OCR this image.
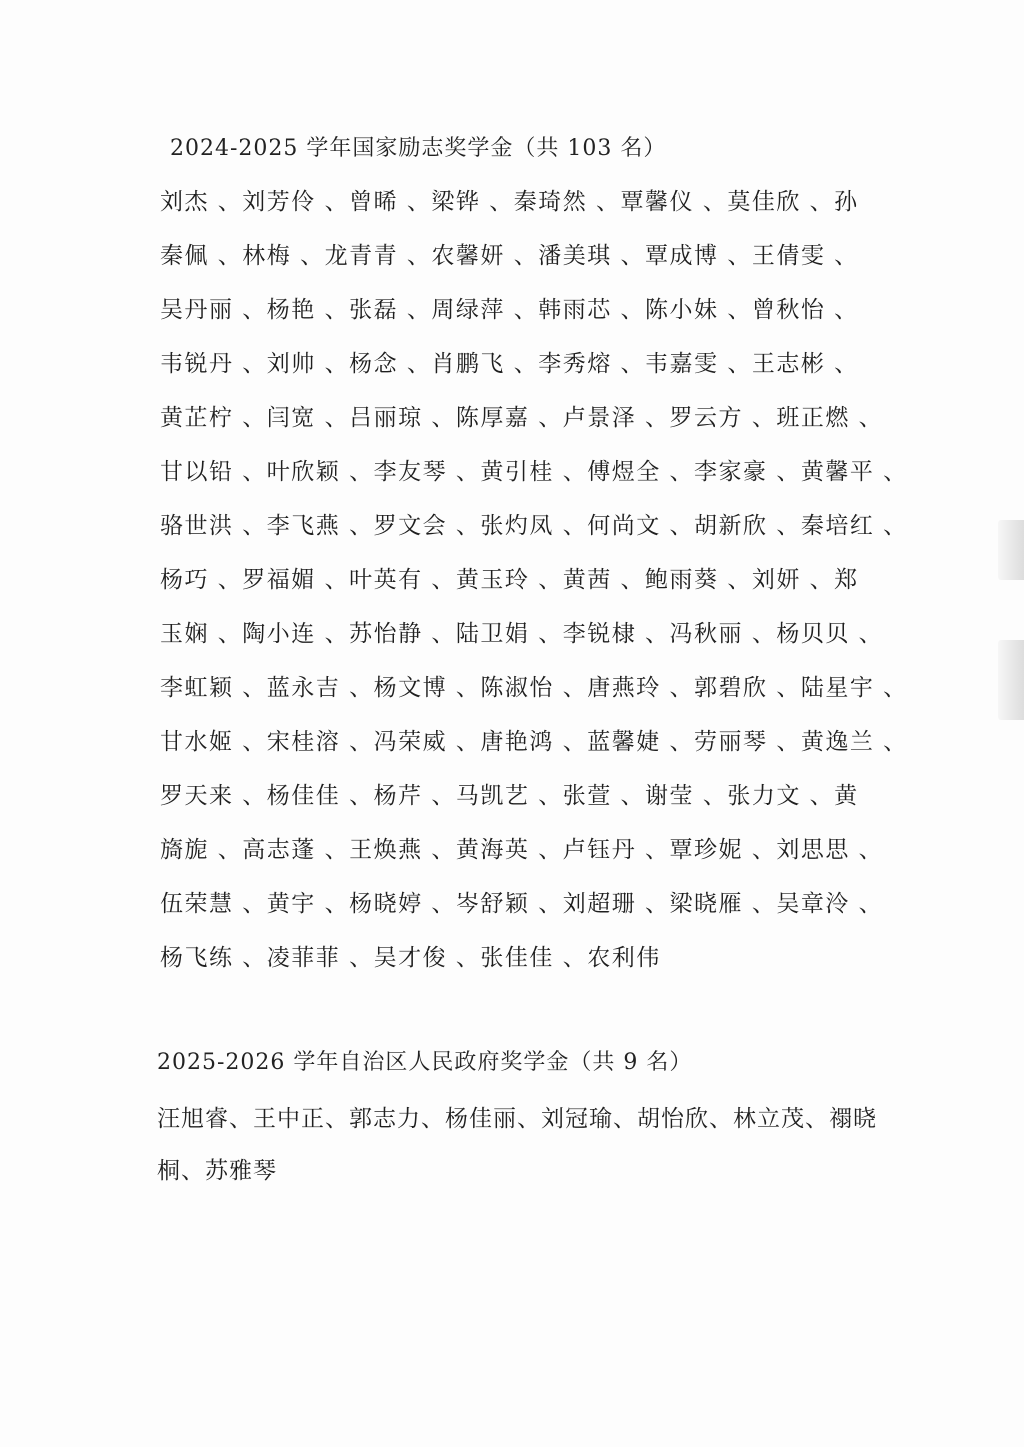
2024-2025 学年国家励志奖学金（共 103 名）
刘杰 、刘芳伶 、曾晞 、梁铧 、秦琦然 、覃馨仪 、莫佳欣 、孙
秦佩 、林梅 、龙青青 、农馨妍 、潘美琪 、覃成博 、王倩雯 、
吴丹丽 、杨艳 、张磊 、周绿萍 、韩雨芯 、陈小妹 、曾秋怡 、
韦锐丹 、刘帅 、杨念 、肖鹏飞 、李秀熔 、韦嘉雯 、王志彬 、
黄芷柠 、闫宽 、吕丽琼 、陈厚嘉 、卢景泽 、罗云方 、班正燃 、
甘以铅 、叶欣颖 、李友琴 、黄引桂 、傅煜全 、李家豪 、黄馨平 、
骆世洪 、李飞燕 、罗文会 、张灼凤 、何尚文 、胡新欣 、秦培红 、
杨巧 、罗福媚 、叶英有 、黄玉玲 、黄茜 、鲍雨葵 、刘妍 、郑
玉娴 、陶小连 、苏怡静 、陆卫娟 、李锐棣 、冯秋丽 、杨贝贝 、
李虹颖 、蓝永吉 、杨文博 、陈淑怡 、唐燕玲 、郭碧欣 、陆星宇 、
甘水姬 、宋桂溶 、冯荣威 、唐艳鸿 、蓝馨婕 、劳丽琴 、黄逸兰 、
罗天来 、杨佳佳 、杨芹 、马凯艺 、张萱 、谢莹 、张力文 、黄
旖旎 、高志蓬 、王焕燕 、黄海英 、卢钰丹 、覃珍妮 、刘思思 、
伍荣慧 、黄宇 、杨晓婷 、岑舒颖 、刘超珊 、梁晓雁 、吴章泠 、
杨飞练 、凌菲菲 、吴才俊 、张佳佳 、农利伟
2025-2026 学年自治区人民政府奖学金（共 9 名）
汪旭睿、王中正、郭志力、杨佳丽、刘冠瑜、胡怡欣、林立茂、禤晓
桐、苏雅琴
